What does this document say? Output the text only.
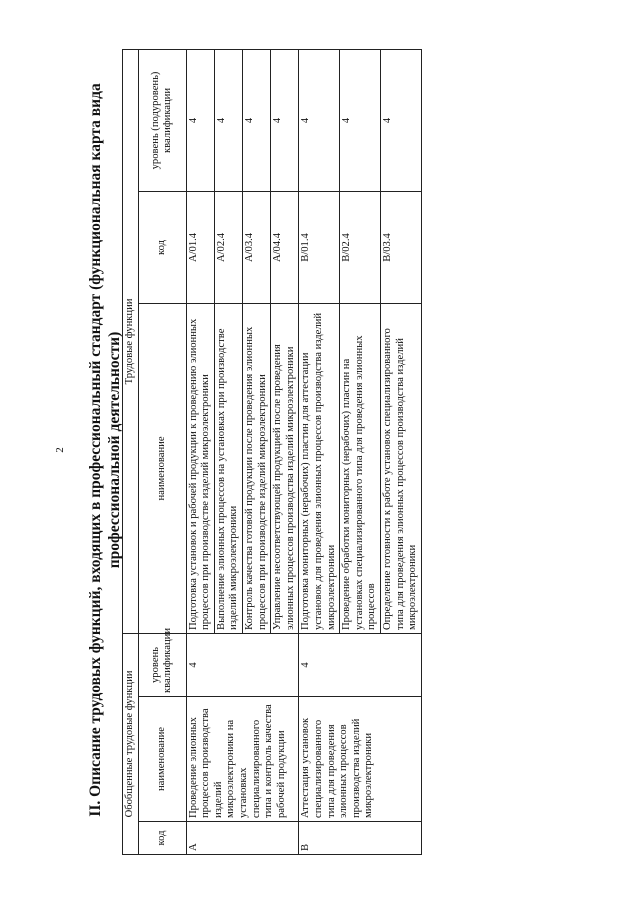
2 II. Описание трудовых функций, входящих в профессиональный стандарт (функциональная карта вида профессиональной деятельности)
Обобщенные трудовые функции			Трудовые функции		
код	наименование	уровень квалификации	наименование	код	уровень (подуровень) квалификации
A	Проведение элионных процессов производства изделий микроэлектроники на установках специализированного типа и контроль качества рабочей продукции	4	Подготовка установок и рабочей продукции к проведению элионных процессов при производстве изделий микроэлектроники	A/01.4	4
			Выполнение элионных процессов на установках при производстве изделий микроэлектроники	A/02.4	4
			Контроль качества готовой продукции после проведения элионных процессов при производстве изделий микроэлектроники	A/03.4	4
			Управление несоответствующей продукцией после проведения элионных процессов производства изделий микроэлектроники	A/04.4	4
B	Аттестация установок специализированного типа для проведения элионных процессов производства изделий микроэлектроники	4	Подготовка мониторных (нерабочих) пластин для аттестации установок для проведения элионных процессов производства изделий микроэлектроники	B/01.4	4
			Проведение обработки мониторных (нерабочих) пластин на установках специализированного типа для проведения элионных процессов	B/02.4	4
			Определение готовности к работе установок специализированного типа для проведения элионных процессов производства изделий микроэлектроники	B/03.4	4
